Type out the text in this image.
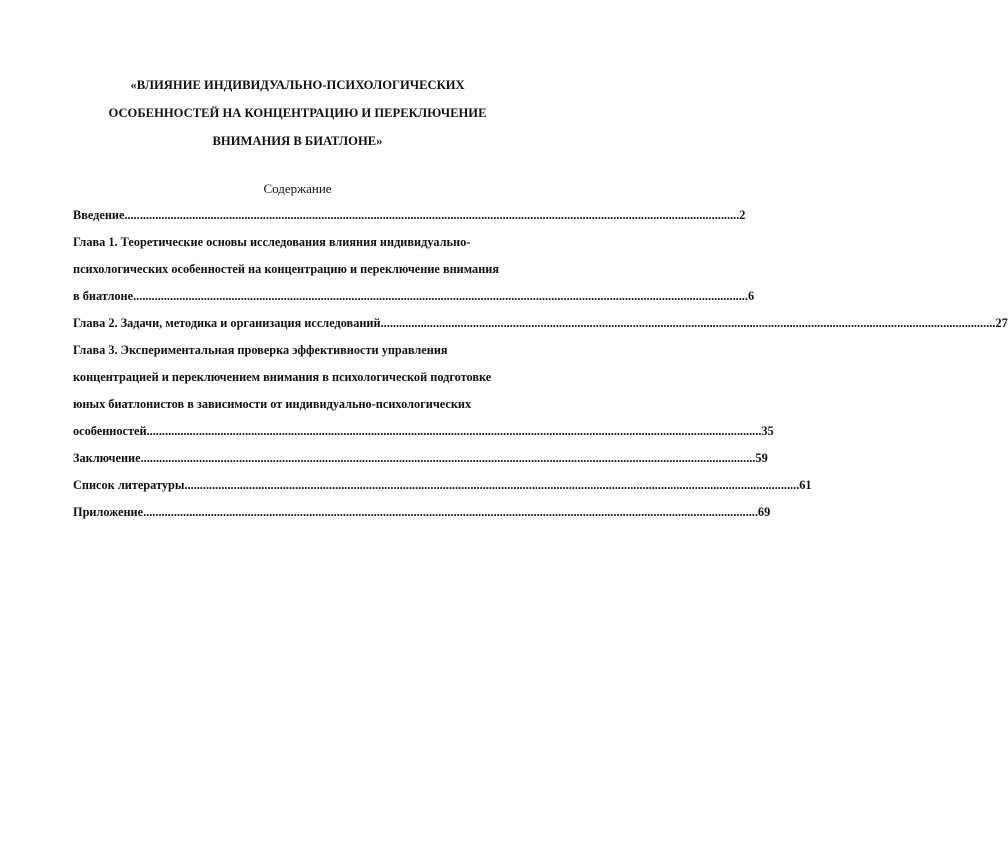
«ВЛИЯНИЕ ИНДИВИДУАЛЬНО-ПСИХОЛОГИЧЕСКИХ
ОСОБЕННОСТЕЙ НА КОНЦЕНТРАЦИЮ И ПЕРЕКЛЮЧЕНИЕ
ВНИМАНИЯ В БИАТЛОНЕ»
Содержание
Введение ........................................................................................................................................................................................................ 2
Глава 1. Теоретические основы исследования влияния индивидуально-
психологических особенностей на концентрацию и переключение внимания
в биатлоне ........................................................................................................................................................................................................ 6
Глава 2. Задачи, методика и организация исследований ........................................................................................................................................................................................................ 27
Глава 3. Экспериментальная проверка эффективности управления
концентрацией и переключением внимания в психологической подготовке
юных биатлонистов в зависимости от индивидуально-психологических
особенностей ........................................................................................................................................................................................................ 35
Заключение ........................................................................................................................................................................................................ 59
Список литературы ........................................................................................................................................................................................................ 61
Приложение ........................................................................................................................................................................................................ 69
